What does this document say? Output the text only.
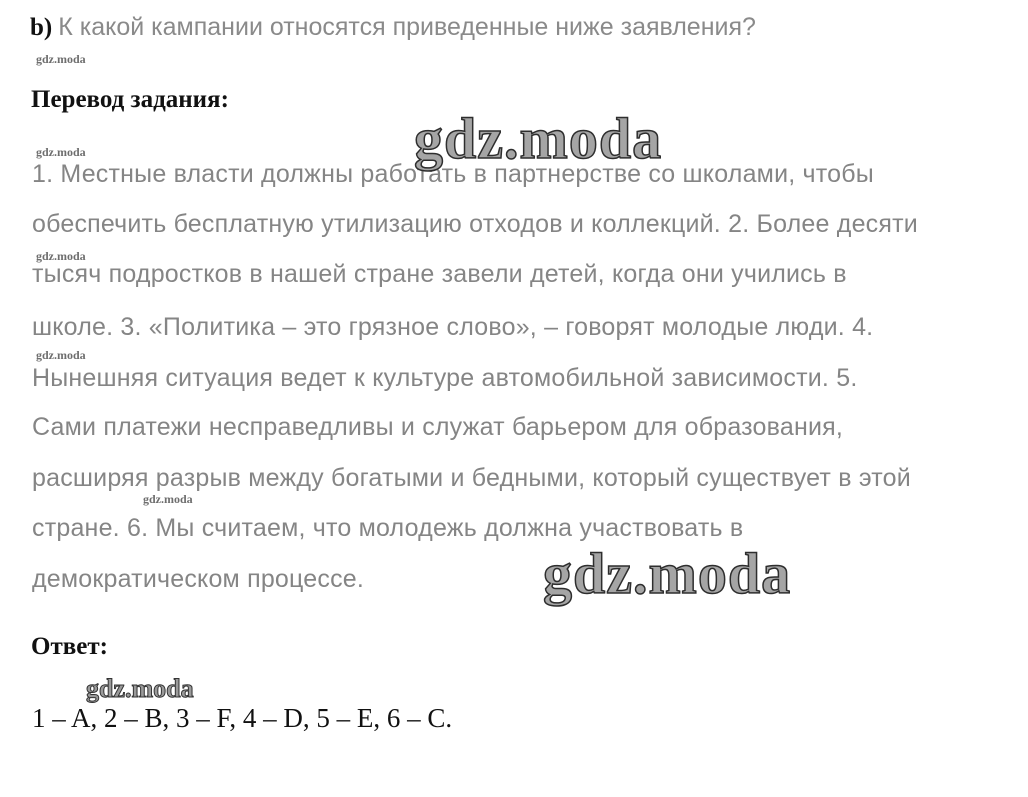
b) К какой кампании относятся приведенные ниже заявления?
Перевод задания:
1. Местные власти должны работать в партнерстве со школами, чтобы
обеспечить бесплатную утилизацию отходов и коллекций. 2. Более десяти
тысяч подростков в нашей стране завели детей, когда они учились в
школе. 3. «Политика – это грязное слово», – говорят молодые люди. 4.
Нынешняя ситуация ведет к культуре автомобильной зависимости. 5.
Сами платежи несправедливы и служат барьером для образования,
расширяя разрыв между богатыми и бедными, который существует в этой
стране. 6. Мы считаем, что молодежь должна участвовать в
демократическом процессе.
Ответ:
1 – A, 2 – B, 3 – F, 4 – D, 5 – E, 6 – C.
gdz.moda
gdz.moda
gdz.moda
gdz.moda
gdz.moda
gdz.moda
gdz.moda
gdz.moda
